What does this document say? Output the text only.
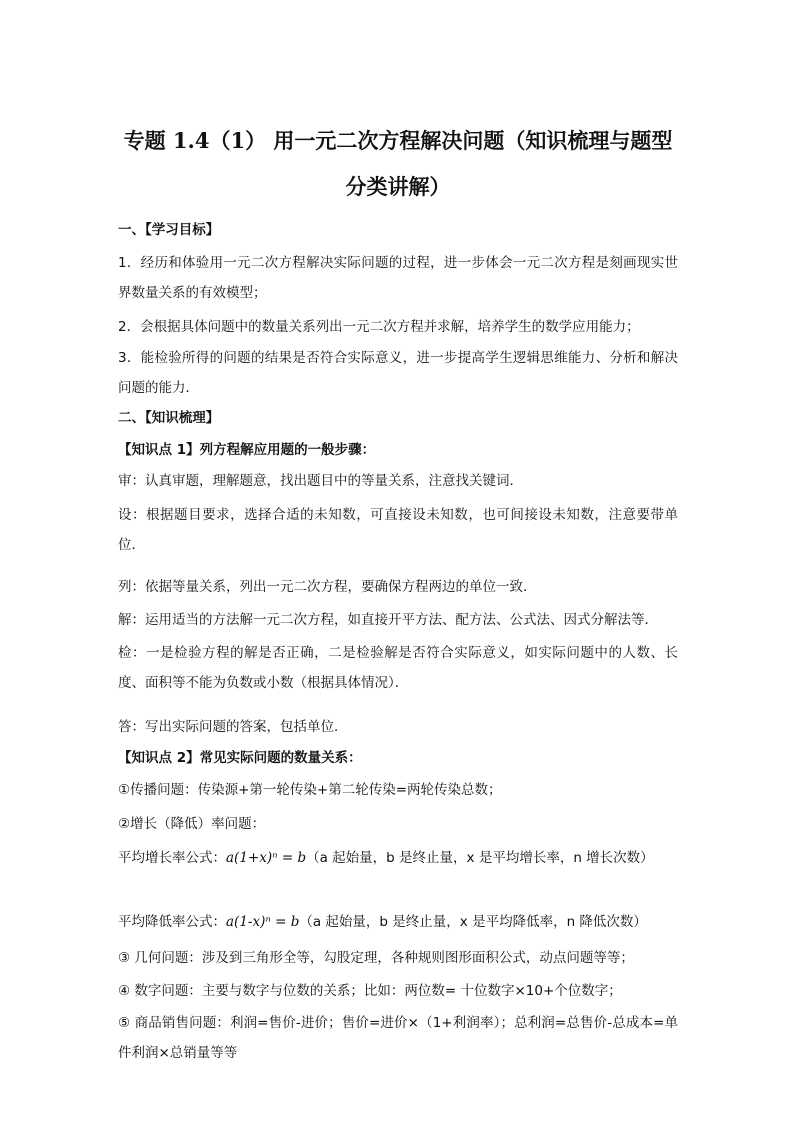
专题 1.4（1） 用一元二次方程解决问题（知识梳理与题型
分类讲解）
一、【学习目标】
1．经历和体验用一元二次方程解决实际问题的过程，进一步体会一元二次方程是刻画现实世界数量关系的有效模型；
2．会根据具体问题中的数量关系列出一元二次方程并求解，培养学生的数学应用能力；
3．能检验所得的问题的结果是否符合实际意义，进一步提高学生逻辑思维能力、分析和解决问题的能力．
二、【知识梳理】
【知识点 1】列方程解应用题的一般步骤：
审：认真审题，理解题意，找出题目中的等量关系，注意找关键词．
设：根据题目要求，选择合适的未知数，可直接设未知数，也可间接设未知数，注意要带单位．
列：依据等量关系，列出一元二次方程，要确保方程两边的单位一致．
解：运用适当的方法解一元二次方程，如直接开平方法、配方法、公式法、因式分解法等．
检：一是检验方程的解是否正确，二是检验解是否符合实际意义，如实际问题中的人数、长度、面积等不能为负数或小数（根据具体情况）．
答：写出实际问题的答案，包括单位．
【知识点 2】常见实际问题的数量关系：
①传播问题：传染源+第一轮传染+第二轮传染=两轮传染总数；
②增长（降低）率问题：
平均增长率公式：a(1+x)ⁿ = b（a 起始量，b 是终止量，x 是平均增长率，n 增长次数）
平均降低率公式：a(1-x)ⁿ = b（a 起始量，b 是终止量，x 是平均降低率，n 降低次数）
③ 几何问题：涉及到三角形全等，勾股定理，各种规则图形面积公式，动点问题等等；
④ 数字问题：主要与数字与位数的关系；比如：两位数= 十位数字×10+个位数字；
⑤ 商品销售问题：利润=售价-进价；售价=进价×（1+利润率）；总利润=总售价-总成本=单件利润×总销量等等
